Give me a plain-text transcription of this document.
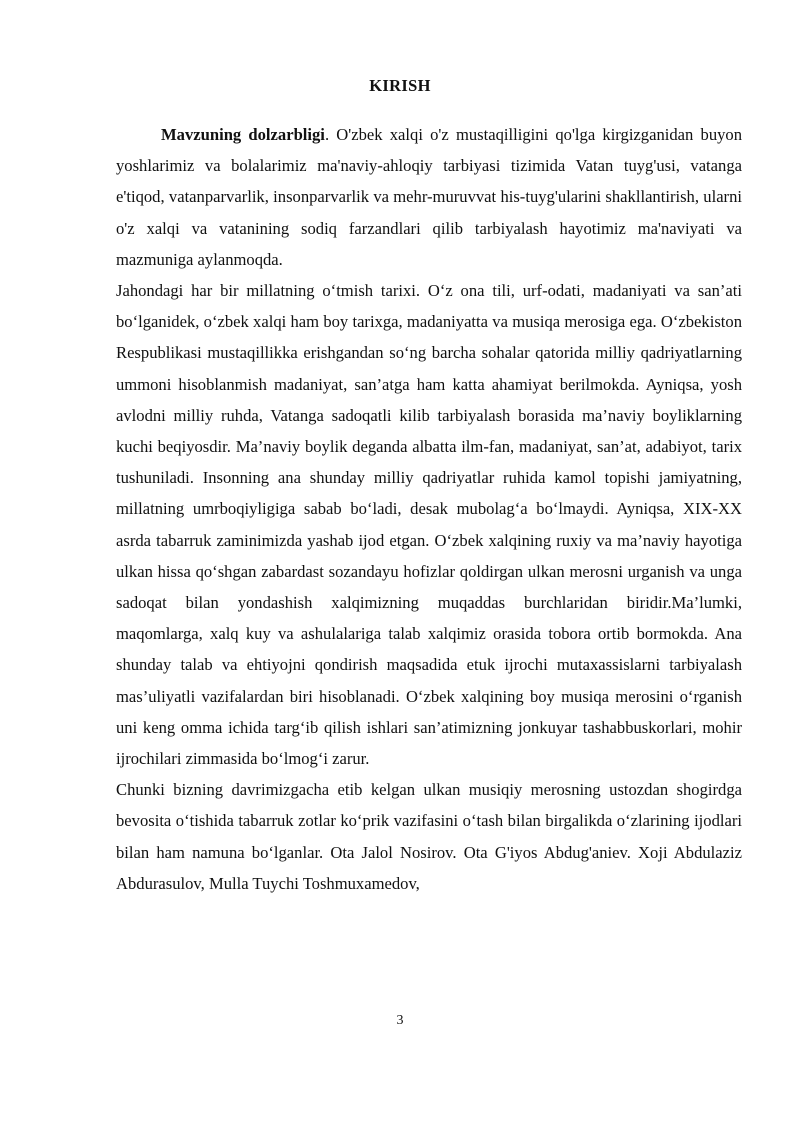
KIRISH

Mavzuning dolzarbligi. O'zbek xalqi o'z mustaqilligini qo'lga kirgizganidan buyon yoshlarimiz va bolalarimiz ma'naviy-ahloqiy tarbiyasi tizimida Vatan tuyg'usi, vatanga e'tiqod, vatanparvarlik, insonparvarlik va mehr-muruvvat his-tuyg'ularini shakllantirish, ularni o'z xalqi va vatanining sodiq farzandlari qilib tarbiyalash hayotimiz ma'naviyati va mazmuniga aylanmoqda.

Jahondagi har bir millatning o‘tmish tarixi. O‘z ona tili, urf-odati, madaniyati va san’ati bo‘lganidek, o‘zbek xalqi ham boy tarixga, madaniyatta va musiqa merosiga ega. O‘zbekiston Respublikasi mustaqillikka erishgandan so‘ng barcha sohalar qatorida milliy qadriyatlarning ummoni hisoblanmish madaniyat, san’atga ham katta ahamiyat berilmokda. Ayniqsa, yosh avlodni milliy ruhda, Vatanga sadoqatli kilib tarbiyalash borasida ma’naviy boyliklarning kuchi beqiyosdir. Ma’naviy boylik deganda albatta ilm-fan, madaniyat, san’at, adabiyot, tarix tushuniladi. Insonning ana shunday milliy qadriyatlar ruhida kamol topishi jamiyatning, millatning umrboqiyligiga sabab bo‘ladi, desak mubolag‘a bo‘lmaydi. Ayniqsa, XIX-XX asrda tabarruk zaminimizda yashab ijod etgan. O‘zbek xalqining ruxiy va ma’naviy hayotiga ulkan hissa qo‘shgan zabardast sozandayu hofizlar qoldirgan ulkan merosni urganish va unga sadoqat bilan yondashish xalqimizning muqaddas burchlaridan biridir.Ma’lumki, maqomlarga, xalq kuy va ashulalariga talab xalqimiz orasida tobora ortib bormokda. Ana shunday talab va ehtiyojni qondirish maqsadida etuk ijrochi mutaxassislarni tarbiyalash mas’uliyatli vazifalardan biri hisoblanadi. O‘zbek xalqining boy musiqa merosini o‘rganish uni keng omma ichida targ‘ib qilish ishlari san’atimizning jonkuyar tashabbuskorlari, mohir ijrochilari zimmasida bo‘lmog‘i zarur.

Chunki bizning davrimizgacha etib kelgan ulkan musiqiy merosning ustozdan shogirdga bevosita o‘tishida tabarruk zotlar ko‘prik vazifasini o‘tash bilan birgalikda o‘zlarining ijodlari bilan ham namuna bo‘lganlar. Ota Jalol Nosirov. Ota G'iyos Abdug'aniev. Xoji Abdulaziz Abdurasulov, Mulla Tuychi Toshmuxamedov,

3
